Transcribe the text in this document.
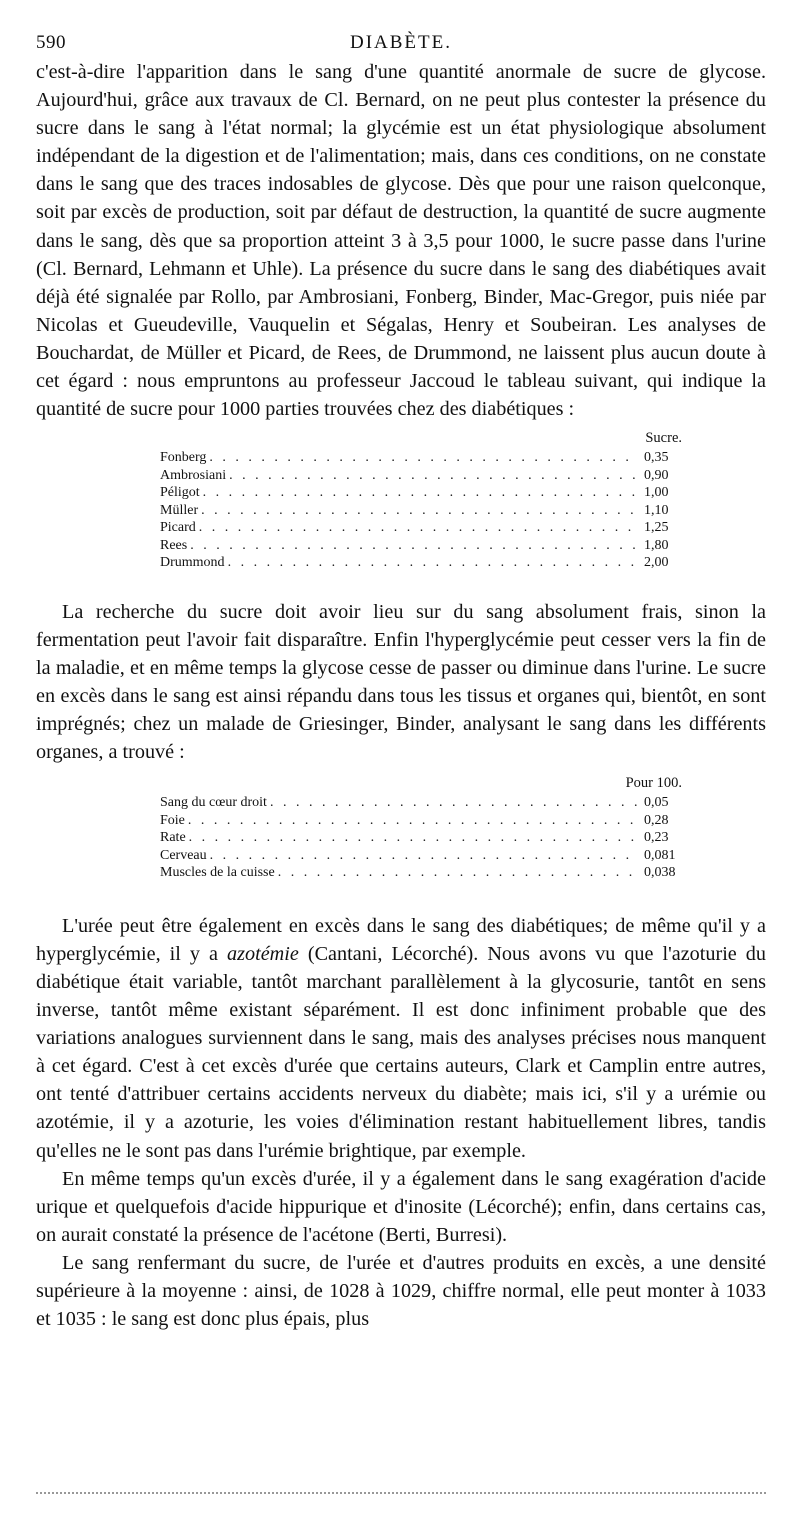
590	DIABÈTE.

c'est-à-dire l'apparition dans le sang d'une quantité anormale de sucre de glycose. Aujourd'hui, grâce aux travaux de Cl. Bernard, on ne peut plus contester la présence du sucre dans le sang à l'état normal; la glycémie est un état physiologique absolument indépendant de la digestion et de l'alimentation; mais, dans ces conditions, on ne constate dans le sang que des traces indosables de glycose. Dès que pour une raison quelconque, soit par excès de production, soit par défaut de destruction, la quantité de sucre augmente dans le sang, dès que sa proportion atteint 3 à 3,5 pour 1000, le sucre passe dans l'urine (Cl. Bernard, Lehmann et Uhle). La présence du sucre dans le sang des diabétiques avait déjà été signalée par Rollo, par Ambrosiani, Fonberg, Binder, Mac-Gregor, puis niée par Nicolas et Gueudeville, Vauquelin et Ségalas, Henry et Soubeiran. Les analyses de Bouchardat, de Müller et Picard, de Rees, de Drummond, ne laissent plus aucun doute à cet égard : nous empruntons au professeur Jaccoud le tableau suivant, qui indique la quantité de sucre pour 1000 parties trouvées chez des diabétiques :

Sucre.
Fonberg . . .	0,35
Ambrosiani . . .	0,90
Péligot . . .	1,00
Müller . . .	1,10
Picard . . .	1,25
Rees . . .	1,80
Drummond . . .	2,00

La recherche du sucre doit avoir lieu sur du sang absolument frais, sinon la fermentation peut l'avoir fait disparaître. Enfin l'hyperglycémie peut cesser vers la fin de la maladie, et en même temps la glycose cesse de passer ou diminue dans l'urine. Le sucre en excès dans le sang est ainsi répandu dans tous les tissus et organes qui, bientôt, en sont imprégnés; chez un malade de Griesinger, Binder, analysant le sang dans les différents organes, a trouvé :

Pour 100.
Sang du cœur droit . . .	0,05
Foie . . .	0,28
Rate . . .	0,23
Cerveau . . .	0,081
Muscles de la cuisse . . .	0,038

L'urée peut être également en excès dans le sang des diabétiques; de même qu'il y a hyperglycémie, il y a azotémie (Cantani, Lécorché). Nous avons vu que l'azoturie du diabétique était variable, tantôt marchant parallèlement à la glycosurie, tantôt en sens inverse, tantôt même existant séparément. Il est donc infiniment probable que des variations analogues surviennent dans le sang, mais des analyses précises nous manquent à cet égard. C'est à cet excès d'urée que certains auteurs, Clark et Camplin entre autres, ont tenté d'attribuer certains accidents nerveux du diabète; mais ici, s'il y a urémie ou azotémie, il y a azoturie, les voies d'élimination restant habituellement libres, tandis qu'elles ne le sont pas dans l'urémie brightique, par exemple.

En même temps qu'un excès d'urée, il y a également dans le sang exagération d'acide urique et quelquefois d'acide hippurique et d'inosite (Lécorché); enfin, dans certains cas, on aurait constaté la présence de l'acétone (Berti, Burresi).

Le sang renfermant du sucre, de l'urée et d'autres produits en excès, a une densité supérieure à la moyenne : ainsi, de 1028 à 1029, chiffre normal, elle peut monter à 1033 et 1035 : le sang est donc plus épais, plus
